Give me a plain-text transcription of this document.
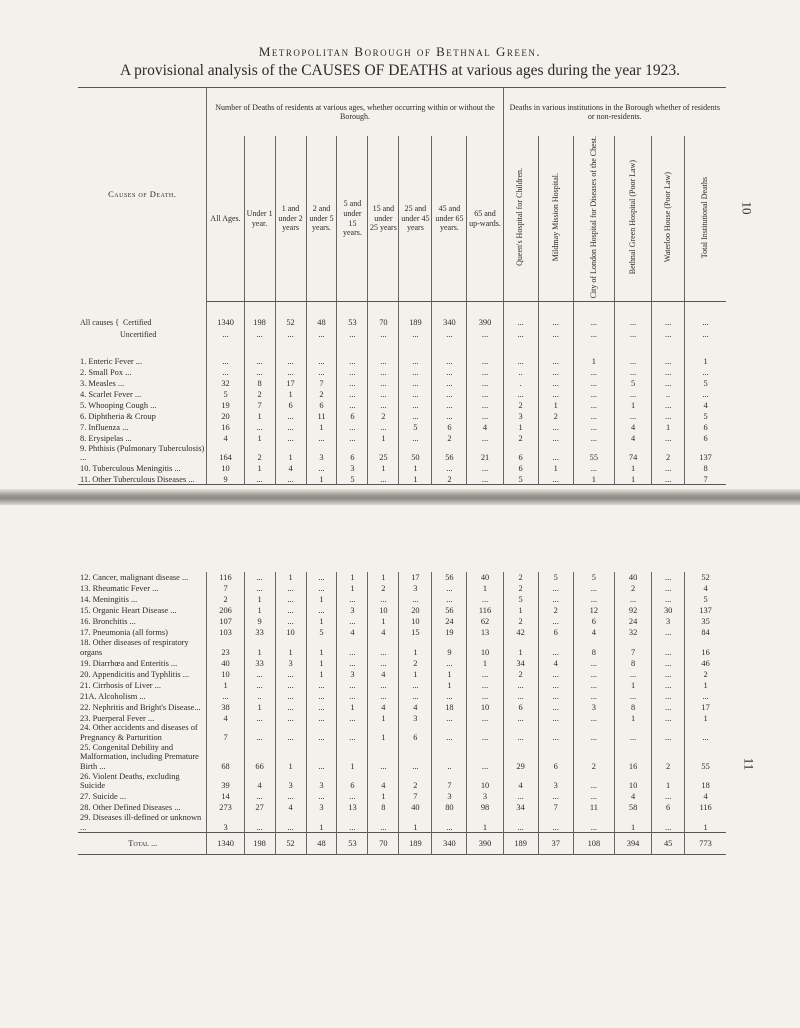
Metropolitan Borough of Bethnal Green.
A provisional analysis of the CAUSES OF DEATHS at various ages during the year 1923.
10
11
Causes of Death.	Number of Deaths of residents at various ages, whether occurring within or without the Borough.									Deaths in various institutions in the Borough whether of residents or non-residents.					
	All Ages.	Under 1 year.	1 and under 2 years	2 and under 5 years.	5 and under 15 years.	15 and under 25 years	25 and under 45 years	45 and under 65 years.	65 and up-wards.	Queen's Hospital for Children.	Mildmay Mission Hospital.	City of London Hospital for Diseases of the Chest.	Bethnal Green Hospital (Poor Law)	Waterloo House (Poor Law)	Total Institutional Deaths

All causes { Certified	1340	198	52	48	53	70	189	340	390	...	...	...	...	...	...
Uncertified	...	...	...	...	...	...	...	...	...	...	...	...	...	...	...

1. Enteric Fever ...	...	...	...	...	...	...	...	...	...	...	...	1	...	...	1
2. Small Pox ...	...	...	...	...	...	...	...	...	...	..	...	...	...	...	...
3. Measles ...	32	8	17	7	...	...	...	...	...	.	...	...	5	...	5
4. Scarlet Fever ...	5	2	1	2	...	...	...	...	...	...	...	...	...	..	...
5. Whooping Cough ...	19	7	6	6	...	...	...	...	...	2	1	...	1	...	4
6. Diphtheria & Croup	20	1	...	11	6	2	...	...	...	3	2	...	...	...	5
7. Influenza ...	16	...	...	1	...	...	5	6	4	1	...	...	4	1	6
8. Erysipelas ...	4	1	...	...	...	1	...	2	...	2	...	...	4	...	6
9. Phthisis (Pulmonary Tuberculosis) ...	164	2	1	3	6	25	50	56	21	6	...	55	74	2	137
10. Tuberculous Meningitis ...	10	1	4	...	3	1	1	...	...	6	1	...	1	...	8
11. Other Tuberculous Diseases ...	9	...	...	1	5	...	1	2	...	5	...	1	1	...	7
12. Cancer, malignant disease ...	116	...	1	...	1	1	17	56	40	2	5	5	40	...	52
13. Rheumatic Fever ...	7	...	...	...	1	2	3	...	1	2	...	...	2	...	4
14. Meningitis ...	2	1	...	1	...	...	...	...	...	5	...	...	...	...	5
15. Organic Heart Disease ...	206	1	...	...	3	10	20	56	116	1	2	12	92	30	137
16. Bronchitis ...	107	9	...	1	...	1	10	24	62	2	...	6	24	3	35
17. Pneumonia (all forms)	103	33	10	5	4	4	15	19	13	42	6	4	32	...	84
18. Other diseases of respiratory organs	23	1	1	1	...	...	1	9	10	1	...	8	7	...	16
19. Diarrhœa and Enteritis ...	40	33	3	1	...	...	2	...	1	34	4	...	8	...	46
20. Appendicitis and Typhlitis ...	10	...	...	1	3	4	1	1	...	2	...	...	...	...	2
21. Cirrhosis of Liver ...	1	...	...	...	...	...	...	1	...	...	...	...	1	...	1
21A. Alcoholism ...	...	..	...	...	...	...	...	...	...	...	...	...	...	...	...
22. Nephritis and Bright's Disease...	38	1	...	...	1	4	4	18	10	6	...	3	8	...	17
23. Puerperal Fever ...	4	...	...	...	...	1	3	...	...	...	...	...	1	...	1
24. Other accidents and diseases of Pregnancy & Parturition	7	...	...	...	...	1	6	...	...	...	...	...	...	...	...
25. Congenital Debility and Malformation, including Premature Birth ...	68	66	1	...	1	...	...	..	...	29	6	2	16	2	55
26. Violent Deaths, excluding Suicide	39	4	3	3	6	4	2	7	10	4	3	...	10	1	18
27. Suicide ...	14	...	...	...	...	1	7	3	3	...	...	...	4	...	4
28. Other Defined Diseases ...	273	27	4	3	13	8	40	80	98	34	7	11	58	6	116
29. Diseases ill-defined or unknown ...	3	...	...	1	...	...	1	...	1	...	...	...	1	...	1
Total ...	1340	198	52	48	53	70	189	340	390	189	37	108	394	45	773
